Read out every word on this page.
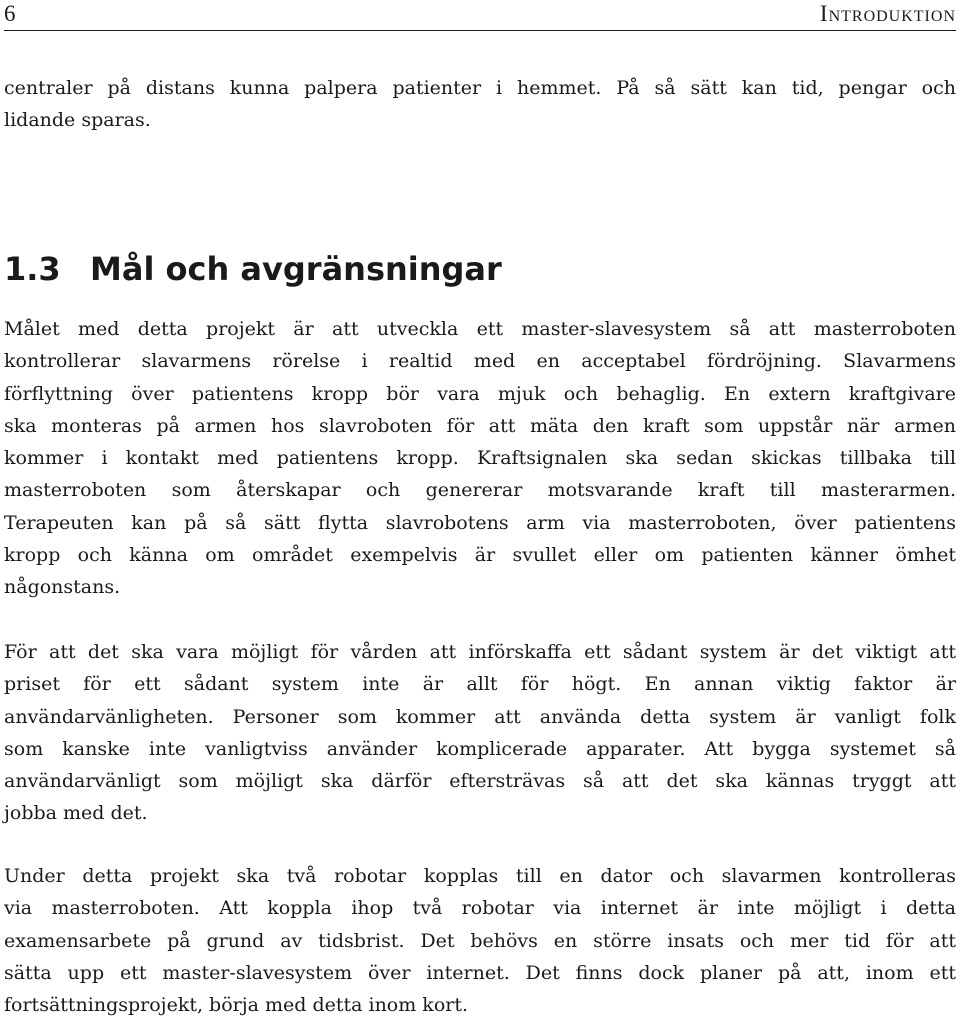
6	Introduktion

centraler på distans kunna palpera patienter i hemmet. På så sätt kan tid, pengar och
lidande sparas.

1.3 Mål och avgränsningar

Målet med detta projekt är att utveckla ett master-slavesystem så att masterroboten
kontrollerar slavarmens rörelse i realtid med en acceptabel fördröjning. Slavarmens
förflyttning över patientens kropp bör vara mjuk och behaglig. En extern kraftgivare
ska monteras på armen hos slavroboten för att mäta den kraft som uppstår när armen
kommer i kontakt med patientens kropp. Kraftsignalen ska sedan skickas tillbaka till
masterroboten som återskapar och genererar motsvarande kraft till masterarmen.
Terapeuten kan på så sätt flytta slavrobotens arm via masterroboten, över patientens
kropp och känna om området exempelvis är svullet eller om patienten känner ömhet
någonstans.

För att det ska vara möjligt för vården att införskaffa ett sådant system är det viktigt att
priset för ett sådant system inte är allt för högt. En annan viktig faktor är
användarvänligheten. Personer som kommer att använda detta system är vanligt folk
som kanske inte vanligtviss använder komplicerade apparater. Att bygga systemet så
användarvänligt som möjligt ska därför eftersträvas så att det ska kännas tryggt att
jobba med det.

Under detta projekt ska två robotar kopplas till en dator och slavarmen kontrolleras
via masterroboten. Att koppla ihop två robotar via internet är inte möjligt i detta
examensarbete på grund av tidsbrist. Det behövs en större insats och mer tid för att
sätta upp ett master-slavesystem över internet. Det finns dock planer på att, inom ett
fortsättningsprojekt, börja med detta inom kort.
